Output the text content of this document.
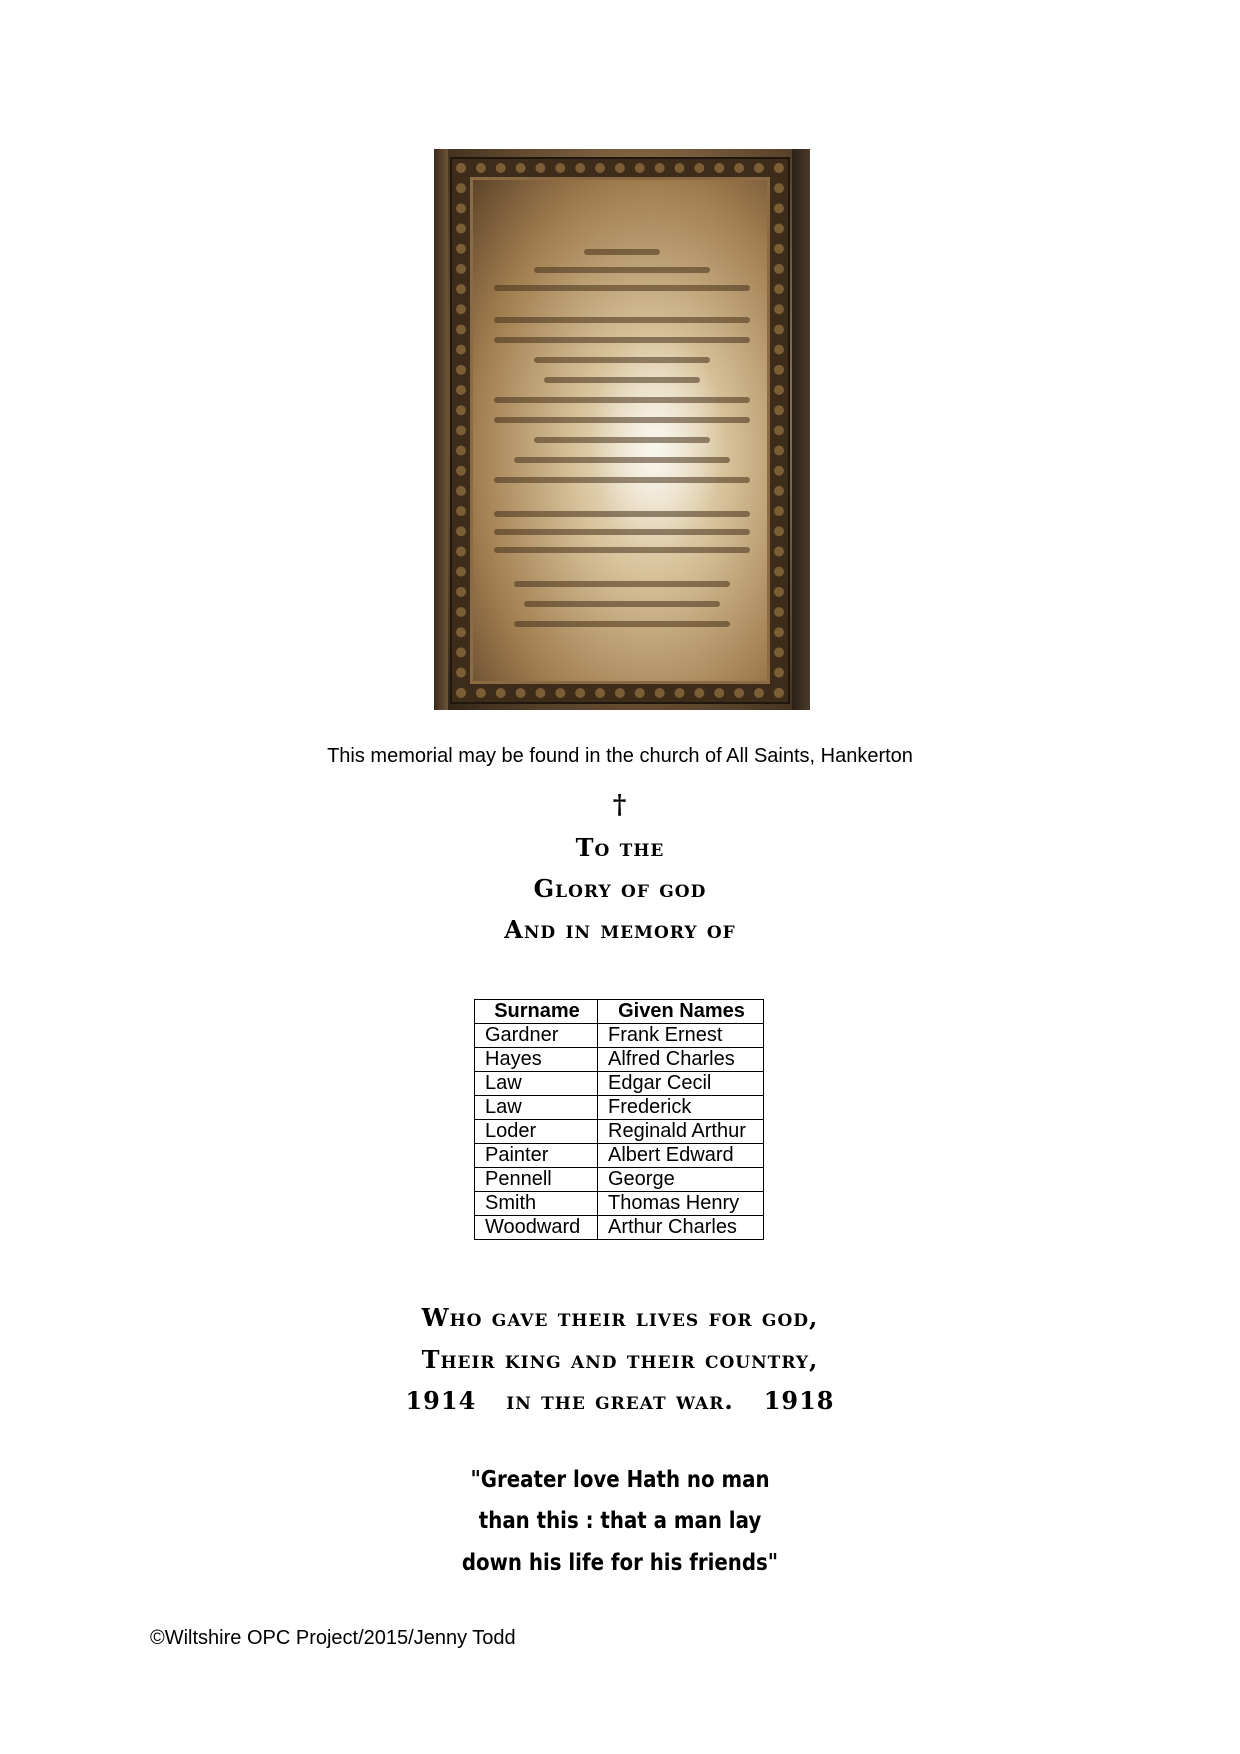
This memorial may be found in the church of All Saints, Hankerton
†
To the
Glory of god
And in memory of
Surname	Given Names
Gardner	Frank Ernest
Hayes	Alfred Charles
Law	Edgar Cecil
Law	Frederick
Loder	Reginald Arthur
Painter	Albert Edward
Pennell	George
Smith	Thomas Henry
Woodward	Arthur Charles
Who gave their lives for god,
Their king and their country,
1914 in the great war. 1918
"Greater love Hath no man
than this : that a man lay
down his life for his friends"
©Wiltshire OPC Project/2015/Jenny Todd
